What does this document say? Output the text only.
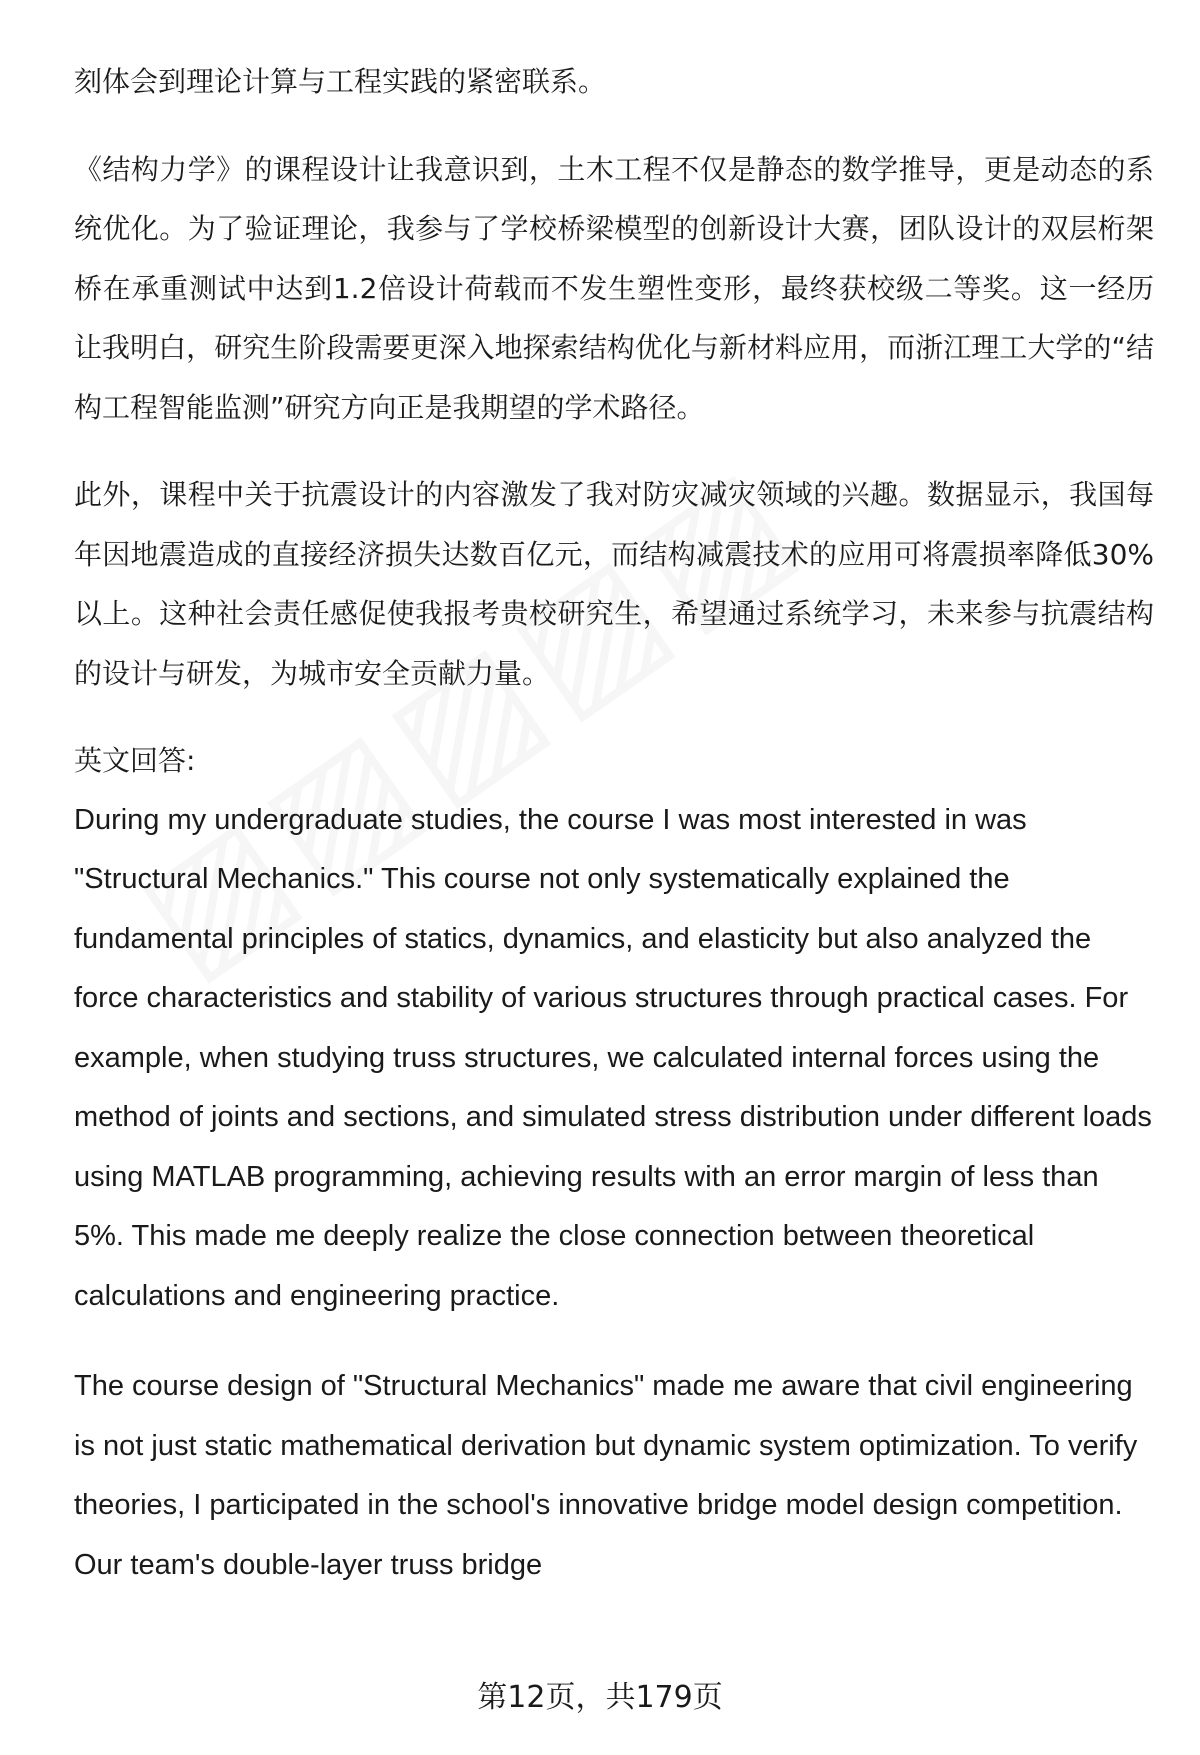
刻体会到理论计算与工程实践的紧密联系。

《结构力学》的课程设计让我意识到，土木工程不仅是静态的数学推导，更是动态的系统优化。为了验证理论，我参与了学校桥梁模型的创新设计大赛，团队设计的双层桁架桥在承重测试中达到1.2倍设计荷载而不发生塑性变形，最终获校级二等奖。这一经历让我明白，研究生阶段需要更深入地探索结构优化与新材料应用，而浙江理工大学的“结构工程智能监测”研究方向正是我期望的学术路径。

此外，课程中关于抗震设计的内容激发了我对防灾减灾领域的兴趣。数据显示，我国每年因地震造成的直接经济损失达数百亿元，而结构减震技术的应用可将震损率降低30%以上。这种社会责任感促使我报考贵校研究生，希望通过系统学习，未来参与抗震结构的设计与研发，为城市安全贡献力量。

英文回答:

During my undergraduate studies, the course I was most interested in was "Structural Mechanics." This course not only systematically explained the fundamental principles of statics, dynamics, and elasticity but also analyzed the force characteristics and stability of various structures through practical cases. For example, when studying truss structures, we calculated internal forces using the method of joints and sections, and simulated stress distribution under different loads using MATLAB programming, achieving results with an error margin of less than 5%. This made me deeply realize the close connection between theoretical calculations and engineering practice.

The course design of "Structural Mechanics" made me aware that civil engineering is not just static mathematical derivation but dynamic system optimization. To verify theories, I participated in the school's innovative bridge model design competition. Our team's double-layer truss bridge

第12页，共179页
